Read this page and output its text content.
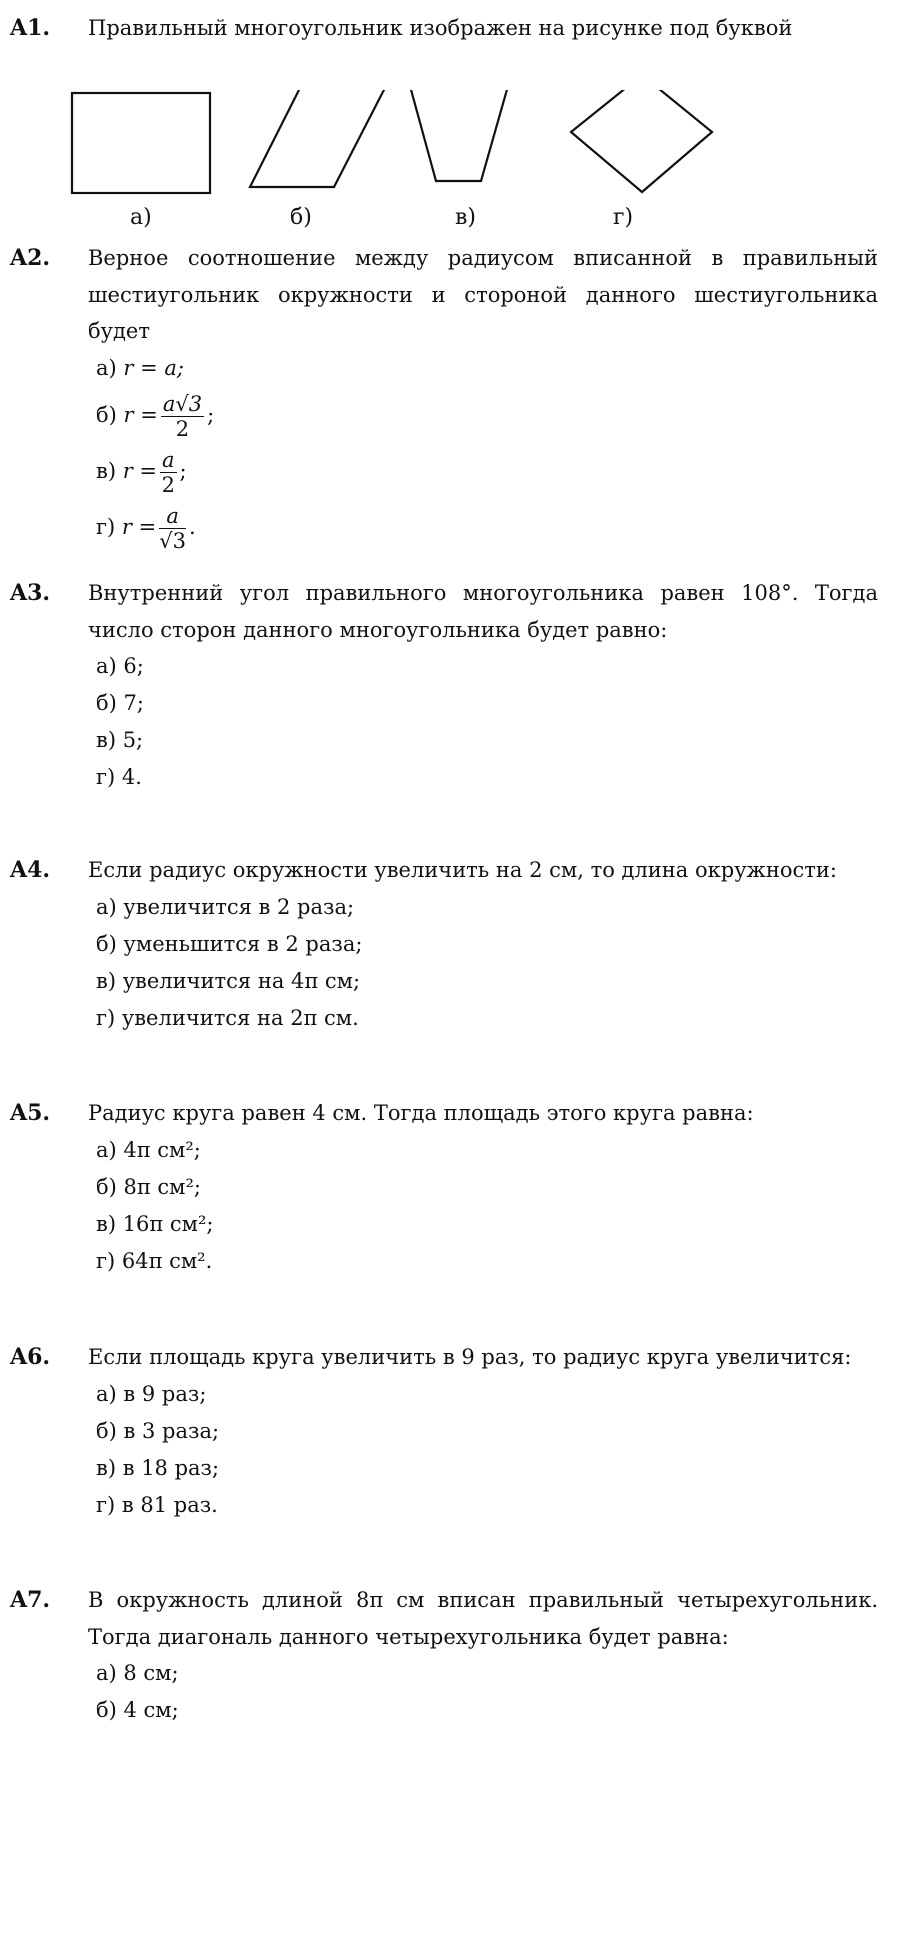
A1. Правильный многоугольник изображен на рисунке под буквой
а)	б)	в)	г)
A2. Верное соотношение между радиусом вписанной в правильный шестиугольник окружности и стороной данного шестиугольника будет
а) r = a;
б) $r = \frac{a√3}{2}$ ;
в) $r = \frac{a}{2}$ ;
г) $r = \frac{a}{√3}$ .
A3. Внутренний угол правильного многоугольника равен 108°. Тогда число сторон данного многоугольника будет равно:
а) 6;
б) 7;
в) 5;
г) 4.
A4. Если радиус окружности увеличить на 2 см, то длина окружности:
а) увеличится в 2 раза;
б) уменьшится в 2 раза;
в) увеличится на 4π см;
г) увеличится на 2π см.
A5. Радиус круга равен 4 см. Тогда площадь этого круга равна:
а) 4π см²;
б) 8π см²;
в) 16π см²;
г) 64π см².
A6. Если площадь круга увеличить в 9 раз, то радиус круга увеличится:
а) в 9 раз;
б) в 3 раза;
в) в 18 раз;
г) в 81 раз.
A7. В окружность длиной 8π см вписан правильный четырехугольник. Тогда диагональ данного четырехугольника будет равна:
а) 8 см;
б) 4 см;
